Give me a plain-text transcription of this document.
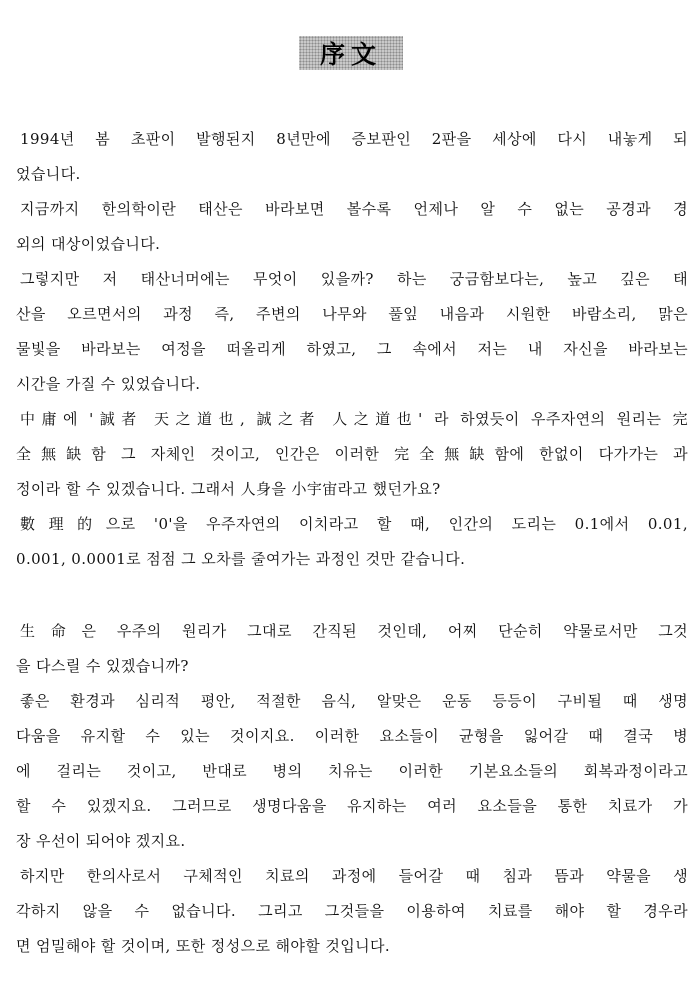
序文
1994년 봄 초판이 발행된지 8년만에 증보판인 2판을 세상에 다시 내놓게 되
었습니다.
지금까지 한의학이란 태산은 바라보면 볼수록 언제나 알 수 없는 공경과 경
외의 대상이었습니다.
그렇지만 저 태산너머에는 무엇이 있을까? 하는 궁금함보다는, 높고 깊은 태
산을 오르면서의 과정 즉, 주변의 나무와 풀잎 내음과 시원한 바람소리, 맑은
물빛을 바라보는 여정을 떠올리게 하였고, 그 속에서 저는 내 자신을 바라보는
시간을 가질 수 있었습니다.
中庸에 '誠者 天之道也, 誠之者 人之道也' 라 하였듯이 우주자연의 원리는 完
全無缺함 그 자체인 것이고, 인간은 이러한 完全無缺함에 한없이 다가가는 과
정이라 할 수 있겠습니다. 그래서 人身을 小宇宙라고 했던가요?
數理的으로 '0'을 우주자연의 이치라고 할 때, 인간의 도리는 0.1에서 0.01,
0.001, 0.0001로 점점 그 오차를 줄여가는 과정인 것만 같습니다.
生命은 우주의 원리가 그대로 간직된 것인데, 어찌 단순히 약물로서만 그것
을 다스릴 수 있겠습니까?
좋은 환경과 심리적 평안, 적절한 음식, 알맞은 운동 등등이 구비될 때 생명
다움을 유지할 수 있는 것이지요. 이러한 요소들이 균형을 잃어갈 때 결국 병
에 걸리는 것이고, 반대로 병의 치유는 이러한 기본요소들의 회복과정이라고
할 수 있겠지요. 그러므로 생명다움을 유지하는 여러 요소들을 통한 치료가 가
장 우선이 되어야 겠지요.
하지만 한의사로서 구체적인 치료의 과정에 들어갈 때 침과 뜸과 약물을 생
각하지 않을 수 없습니다. 그리고 그것들을 이용하여 치료를 해야 할 경우라
면 엄밀해야 할 것이며, 또한 정성으로 해야할 것입니다.
